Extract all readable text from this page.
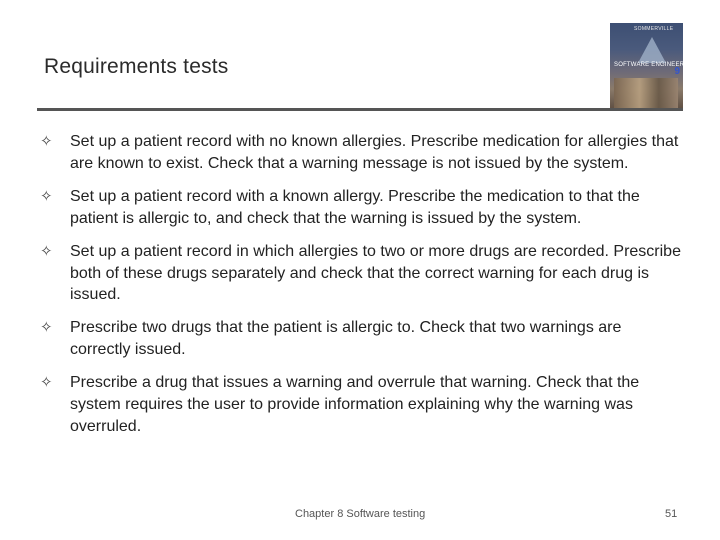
Requirements tests
SOMMERVILLE
SOFTWARE ENGINEERING
9
✧	Set up a patient record with no known allergies. Prescribe medication for allergies that are known to exist. Check that a warning message is not issued by the system.
✧	Set up a patient record with a known allergy. Prescribe the medication to that the patient is allergic to, and check that the warning is issued by the system.
✧	Set up a patient record in which allergies to two or more drugs are recorded. Prescribe both of these drugs separately and check that the correct warning for each drug is issued.
✧	Prescribe two drugs that the patient is allergic to. Check that two warnings are correctly issued.
✧	Prescribe a drug that issues a warning and overrule that warning. Check that the system requires the user to provide information explaining why the warning was overruled.
Chapter 8 Software testing	51
